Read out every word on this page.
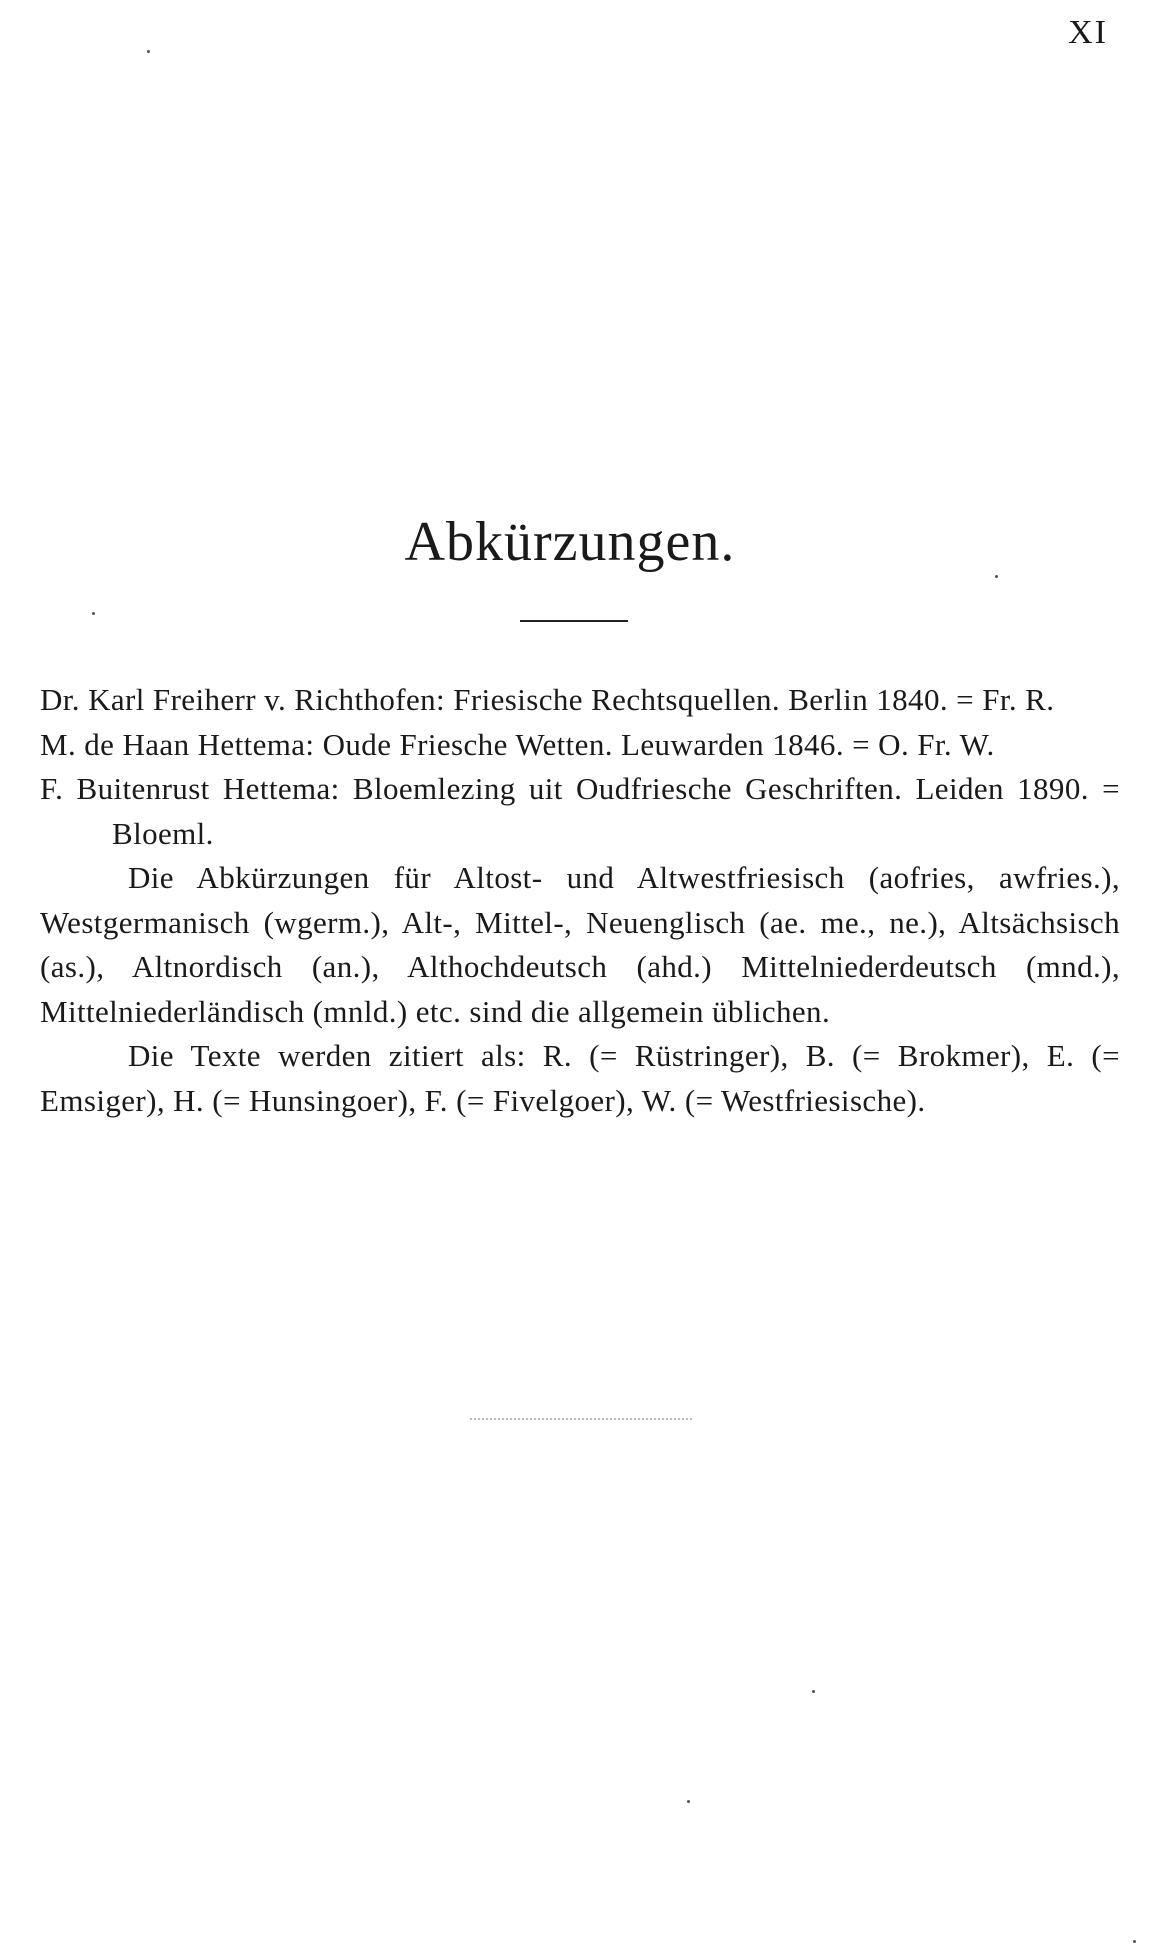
XI
Abkürzungen.

Dr. Karl Freiherr v. Richthofen: Friesische Rechtsquellen. Berlin 1840. = Fr. R.

M. de Haan Hettema: Oude Friesche Wetten. Leuwarden 1846. = O. Fr. W.

F. Buitenrust Hettema: Bloemlezing uit Oudfriesche Geschriften. Leiden 1890. = Bloeml.

Die Abkürzungen für Altost- und Altwestfriesisch (aofries, awfries.), Westgermanisch (wgerm.), Alt-, Mittel-, Neuenglisch (ae. me., ne.), Altsächsisch (as.), Altnordisch (an.), Althochdeutsch (ahd.) Mittelniederdeutsch (mnd.), Mittelniederländisch (mnld.) etc. sind die allgemein üblichen.

Die Texte werden zitiert als: R. (= Rüstringer), B. (= Brokmer), E. (= Emsiger), H. (= Hunsingoer), F. (= Fivelgoer), W. (= Westfriesische).
